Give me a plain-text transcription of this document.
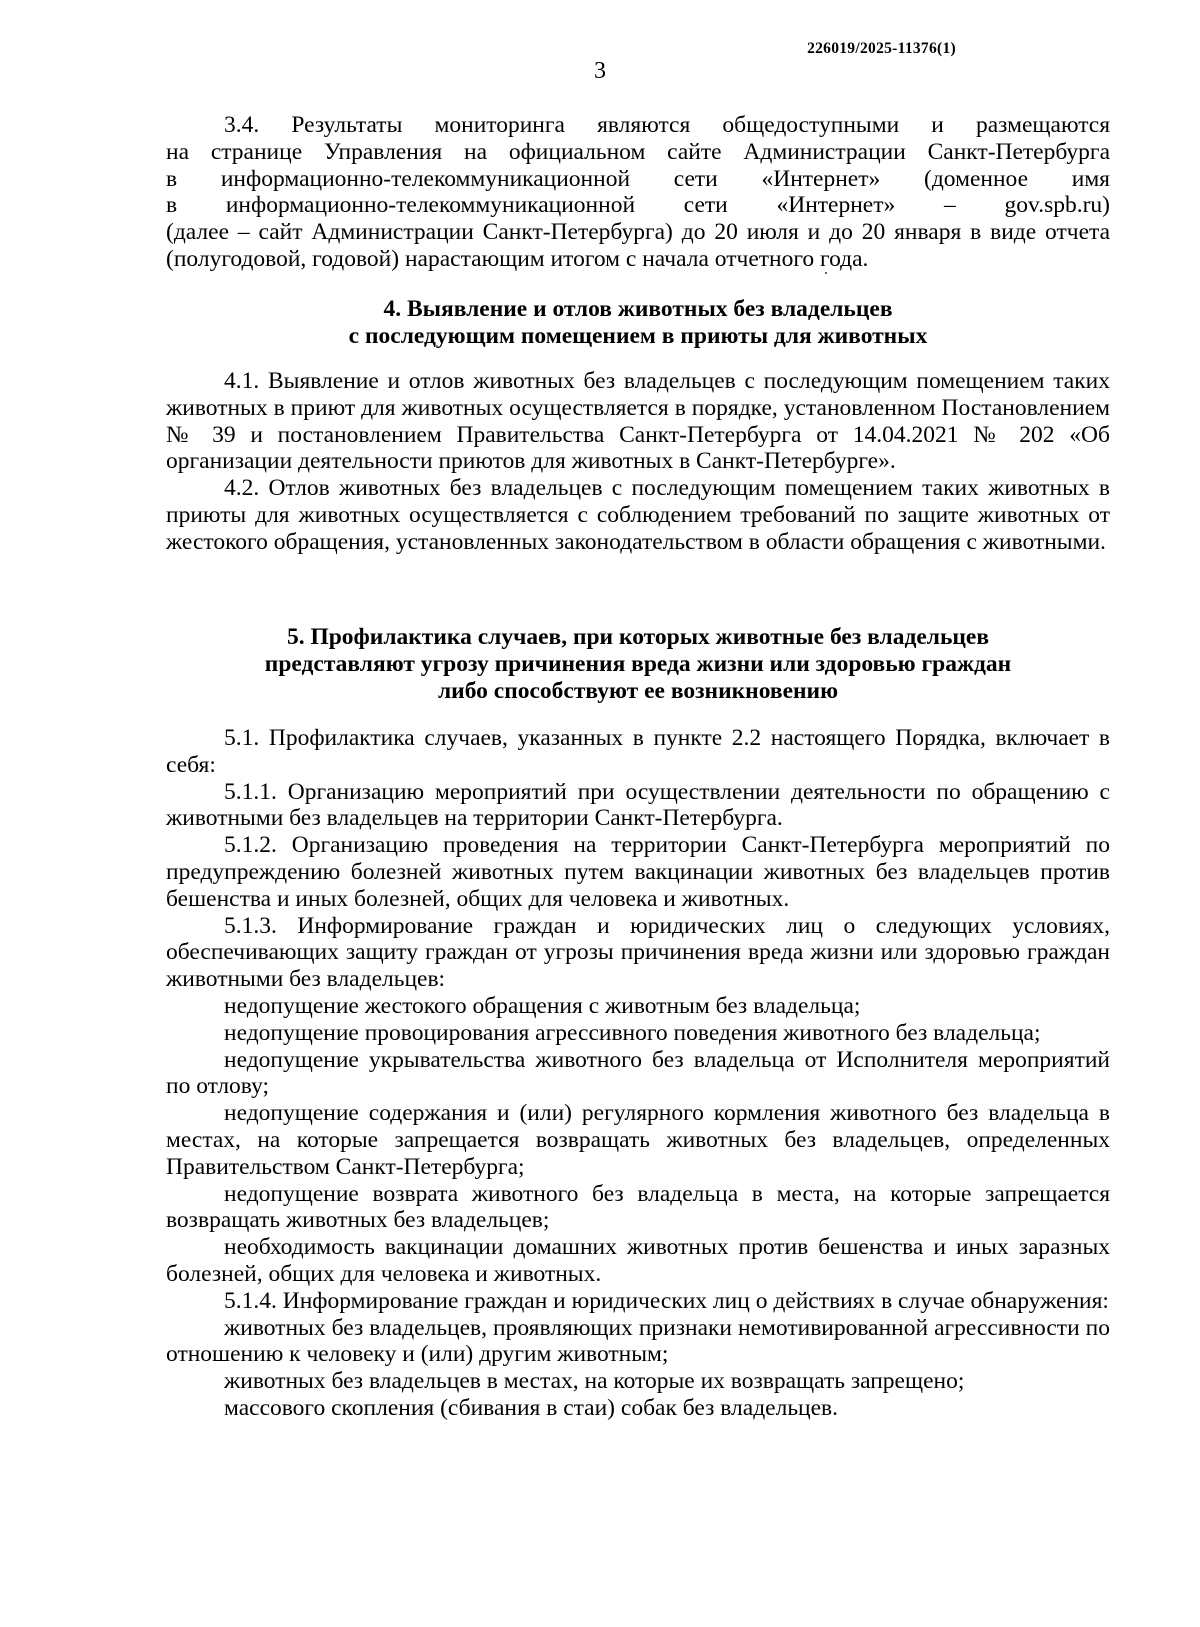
226019/2025-11376(1)
3
3.4. Результаты мониторинга являются общедоступными и размещаются
на странице Управления на официальном сайте Администрации Санкт-Петербурга
в информационно-телекоммуникационной сети «Интернет» (доменное имя
в информационно-телекоммуникационной сети «Интернет» – gov.spb.ru)
(далее – сайт Администрации Санкт-Петербурга) до 20 июля и до 20 января в виде отчета
(полугодовой, годовой) нарастающим итогом с начала отчетного года.
4. Выявление и отлов животных без владельцев
с последующим помещением в приюты для животных

4.1. Выявление и отлов животных без владельцев с последующим помещением таких животных в приют для животных осуществляется в порядке, установленном Постановлением № 39 и постановлением Правительства Санкт-Петербурга от 14.04.2021 № 202 «Об организации деятельности приютов для животных в Санкт-Петербурге».

4.2. Отлов животных без владельцев с последующим помещением таких животных в приюты для животных осуществляется с соблюдением требований по защите животных от жестокого обращения, установленных законодательством в области обращения с животными.

5. Профилактика случаев, при которых животные без владельцев
представляют угрозу причинения вреда жизни или здоровью граждан
либо способствуют ее возникновению

5.1. Профилактика случаев, указанных в пункте 2.2 настоящего Порядка, включает в себя:

5.1.1. Организацию мероприятий при осуществлении деятельности по обращению с животными без владельцев на территории Санкт-Петербурга.

5.1.2. Организацию проведения на территории Санкт-Петербурга мероприятий по предупреждению болезней животных путем вакцинации животных без владельцев против бешенства и иных болезней, общих для человека и животных.

5.1.3. Информирование граждан и юридических лиц о следующих условиях, обеспечивающих защиту граждан от угрозы причинения вреда жизни или здоровью граждан животными без владельцев:

недопущение жестокого обращения с животным без владельца;

недопущение провоцирования агрессивного поведения животного без владельца;

недопущение укрывательства животного без владельца от Исполнителя мероприятий по отлову;

недопущение содержания и (или) регулярного кормления животного без владельца в местах, на которые запрещается возвращать животных без владельцев, определенных Правительством Санкт-Петербурга;

недопущение возврата животного без владельца в места, на которые запрещается возвращать животных без владельцев;

необходимость вакцинации домашних животных против бешенства и иных заразных болезней, общих для человека и животных.

5.1.4. Информирование граждан и юридических лиц о действиях в случае обнаружения:

животных без владельцев, проявляющих признаки немотивированной агрессивности по отношению к человеку и (или) другим животным;

животных без владельцев в местах, на которые их возвращать запрещено;

массового скопления (сбивания в стаи) собак без владельцев.
